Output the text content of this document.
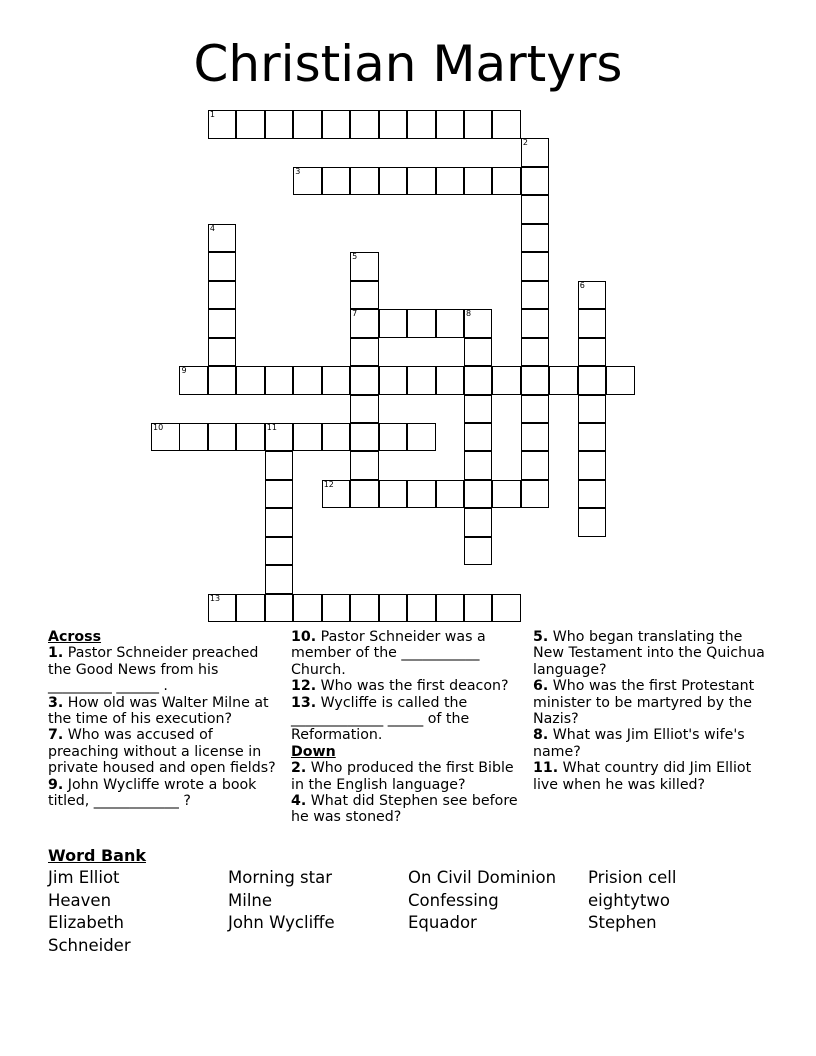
Christian Martyrs
1
2
3
4
5
7
6
8
9
10	11
12
13
Across

1. Pastor Schneider preached the Good News from his _________ ______ .

3. How old was Walter Milne at the time of his execution?

7. Who was accused of preaching without a license in private housed and open fields?

9. John Wycliffe wrote a book titled, ____________ ?

10. Pastor Schneider was a member of the ___________ Church.

12. Who was the first deacon?

13. Wycliffe is called the _____________ _____ of the Reformation.

Down

2. Who produced the first Bible in the English language?

4. What did Stephen see before he was stoned?

5. Who began translating the New Testament into the Quichua language?

6. Who was the first Protestant minister to be martyred by the Nazis?

8. What was Jim Elliot's wife's name?

11. What country did Jim Elliot live when he was killed?

Word Bank
Jim Elliot
Heaven
Elizabeth
Schneider
Morning star
Milne
John Wycliffe
On Civil Dominion
Confessing
Equador
Prision cell
eightytwo
Stephen
